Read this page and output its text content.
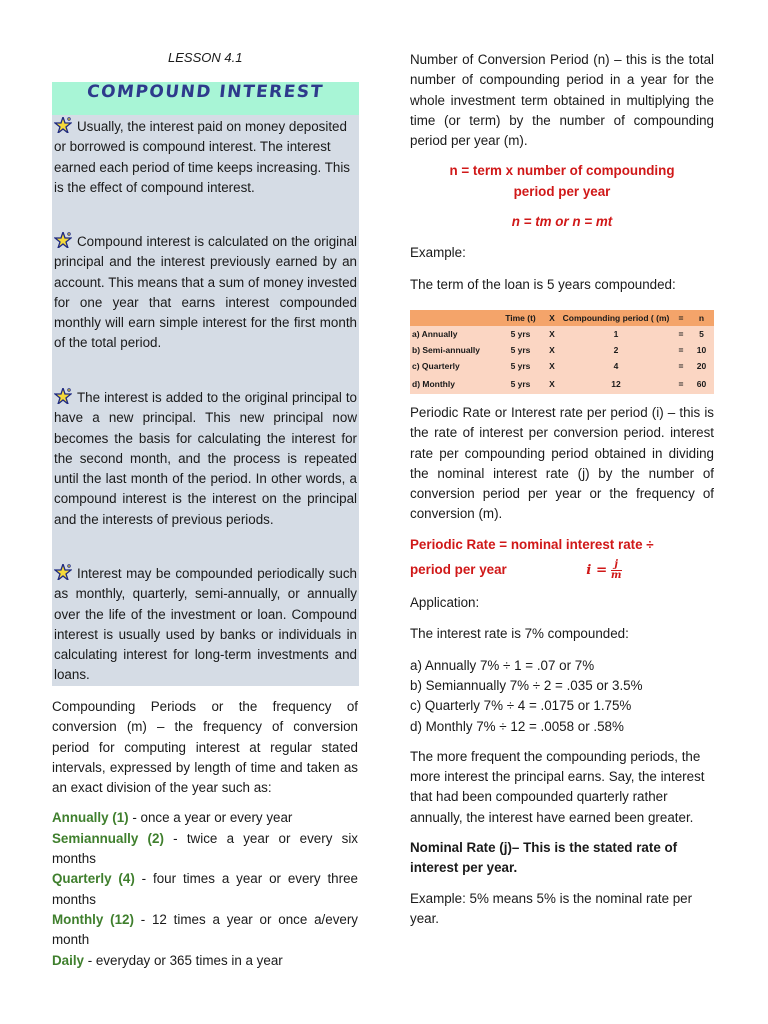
LESSON 4.1
COMPOUND INTEREST

Usually, the interest paid on money deposited or borrowed is compound interest. The interest earned each period of time keeps increasing. This is the effect of compound interest.

Compound interest is calculated on the original principal and the interest previously earned by an account. This means that a sum of money invested for one year that earns interest compounded monthly will earn simple interest for the first month of the total period.

The interest is added to the original principal to have a new principal. This new principal now becomes the basis for calculating the interest for the second month, and the process is repeated until the last month of the period. In other words, a compound interest is the interest on the principal and the interests of previous periods.

Interest may be compounded periodically such as monthly, quarterly, semi-annually, or annually over the life of the investment or loan. Compound interest is usually used by banks or individuals in calculating interest for long-term investments and loans.

Compounding Periods or the frequency of conversion (m) – the frequency of conversion period for computing interest at regular stated intervals, expressed by length of time and taken as an exact division of the year such as:

Annually (1) - once a year or every year

Semiannually (2) - twice a year or every six months

Quarterly (4) - four times a year or every three months

Monthly (12) - 12 times a year or once a/every month

Daily - everyday or 365 times in a year

Number of Conversion Period (n) – this is the total number of compounding period in a year for the whole investment term obtained in multiplying the time (or term) by the number of compounding period per year (m).

n = term x number of compounding period per year

n = tm or n = mt

Example:

The term of the loan is 5 years compounded:

	Time (t)	X	Compounding period ( (m)	=	n
a) Annually	5 yrs	X	1	=	5
b) Semi-annually	5 yrs	X	2	=	10
c) Quarterly	5 yrs	X	4	=	20
d) Monthly	5 yrs	X	12	=	60

Periodic Rate or Interest rate per period (i) – this is the rate of interest per conversion period. interest rate per compounding period obtained in dividing the nominal interest rate (j) by the number of conversion period per year or the frequency of conversion (m).

Periodic Rate = nominal interest rate ÷

period per year	$i = \frac{j}{m}$

Application:

The interest rate is 7% compounded:

a) Annually 7% ÷ 1 = .07 or 7%

b) Semiannually 7% ÷ 2 = .035 or 3.5%

c) Quarterly 7% ÷ 4 = .0175 or 1.75%

d) Monthly 7% ÷ 12 = .0058 or .58%

The more frequent the compounding periods, the more interest the principal earns. Say, the interest that had been compounded quarterly rather annually, the interest have earned been greater.

Nominal Rate (j)– This is the stated rate of interest per year.

Example: 5% means 5% is the nominal rate per year.
